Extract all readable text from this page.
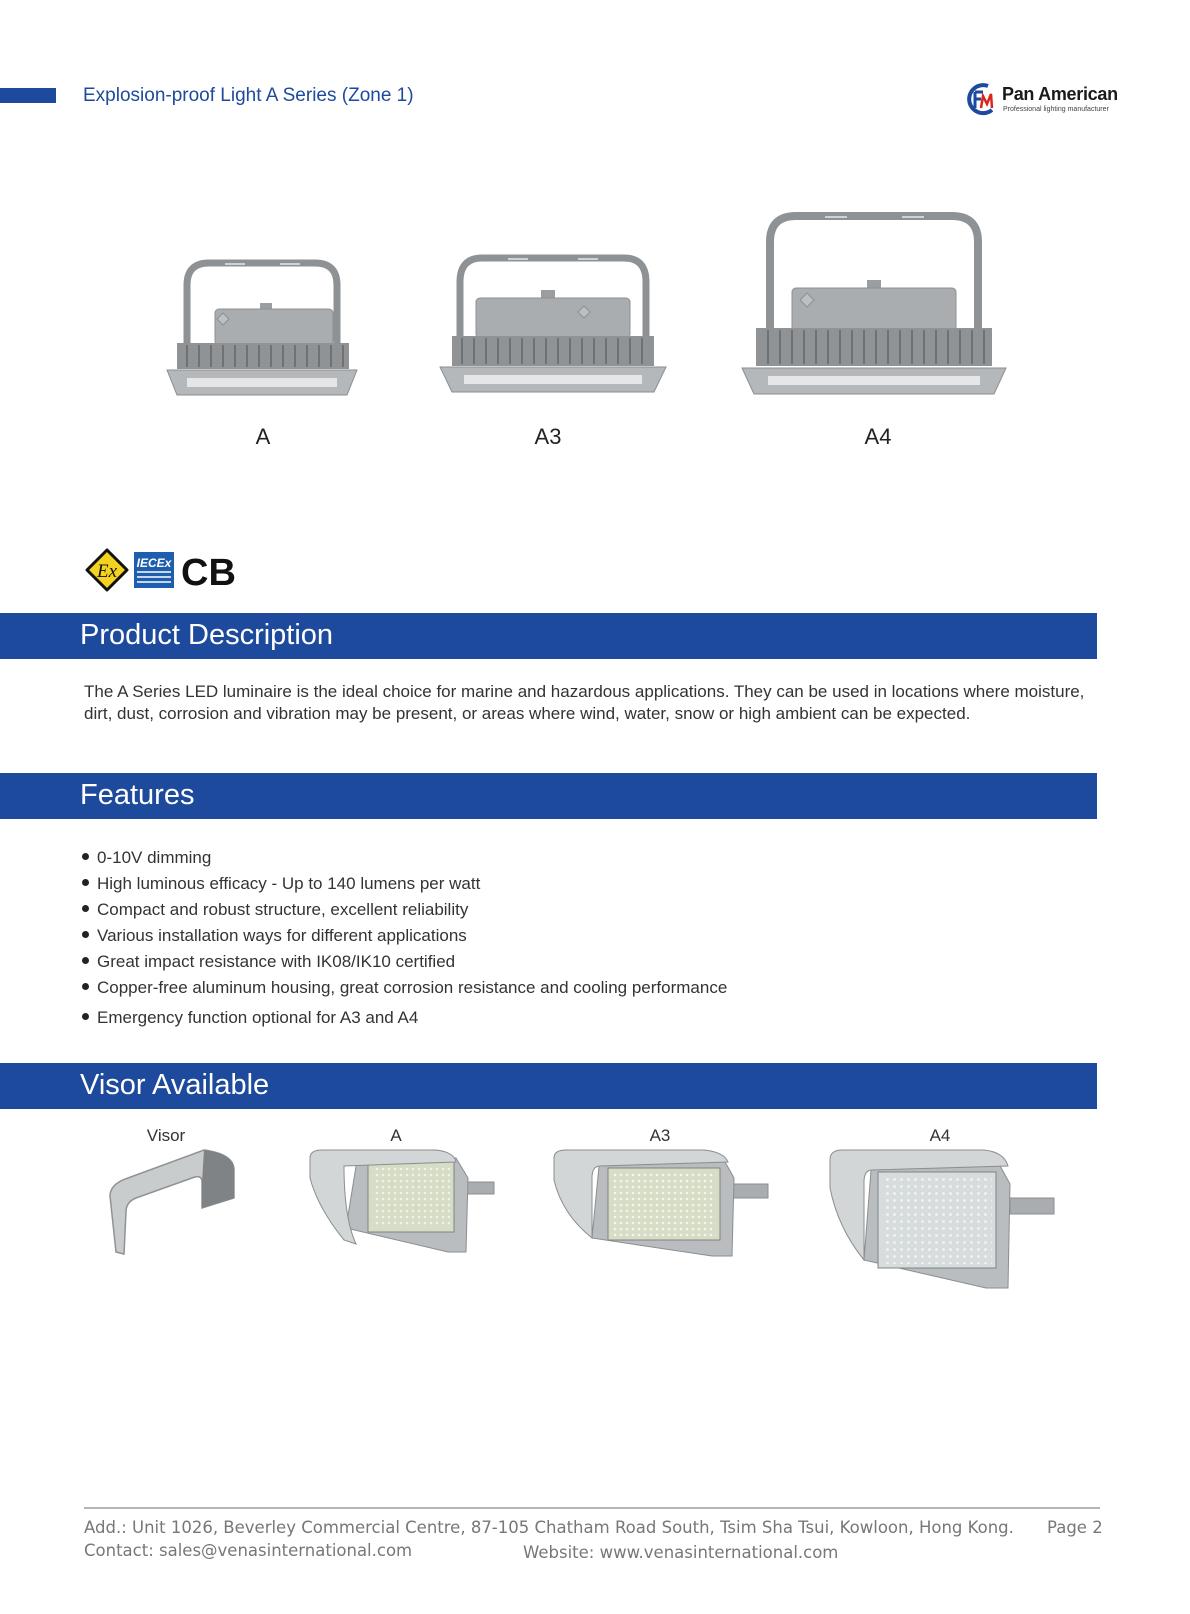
Explosion-proof Light A Series (Zone 1)	Pan American
Professional lighting manufacturer
A	A3	A4
Ex IECEx CB
Product Description
The A Series LED luminaire is the ideal choice for marine and hazardous applications. They can be used in locations where moisture, dirt, dust, corrosion and vibration may be present, or areas where wind, water, snow or high ambient can be expected.
Features
0-10V dimming
High luminous efficacy - Up to 140 lumens per watt
Compact and robust structure, excellent reliability
Various installation ways for different applications
Great impact resistance with IK08/IK10 certified
Copper-free aluminum housing, great corrosion resistance and cooling performance
Emergency function optional for A3 and A4
Visor Available
Visor	A	A3	A4
Add.: Unit 1026, Beverley Commercial Centre, 87-105 Chatham Road South, Tsim Sha Tsui, Kowloon, Hong Kong. Page 2
Contact: sales@venasinternational.com	Website: www.venasinternational.com
